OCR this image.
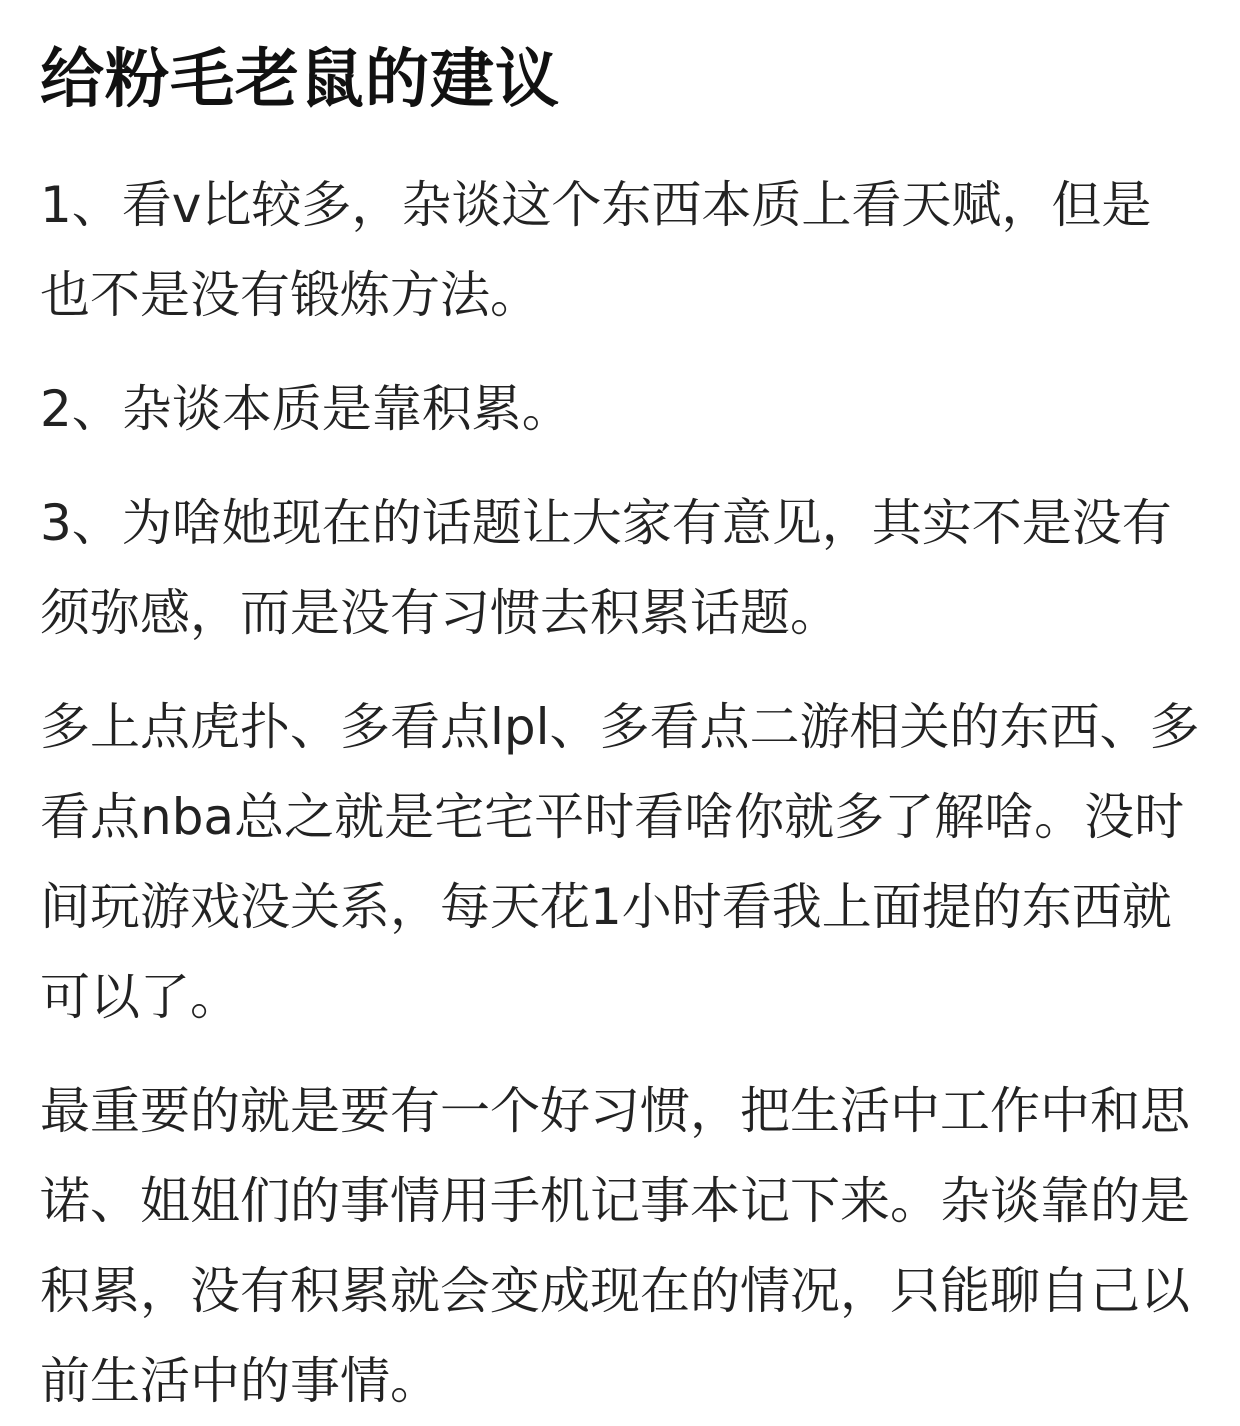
给粉毛老鼠的建议

1、看v比较多，杂谈这个东西本质上看天赋，但是也不是没有锻炼方法。

2、杂谈本质是靠积累。

3、为啥她现在的话题让大家有意见，其实不是没有须弥感，而是没有习惯去积累话题。

多上点虎扑、多看点lpl、多看点二游相关的东西、多看点nba总之就是宅宅平时看啥你就多了解啥。没时间玩游戏没关系，每天花1小时看我上面提的东西就可以了。

最重要的就是要有一个好习惯，把生活中工作中和思诺、姐姐们的事情用手机记事本记下来。杂谈靠的是积累，没有积累就会变成现在的情况，只能聊自己以前生活中的事情。
